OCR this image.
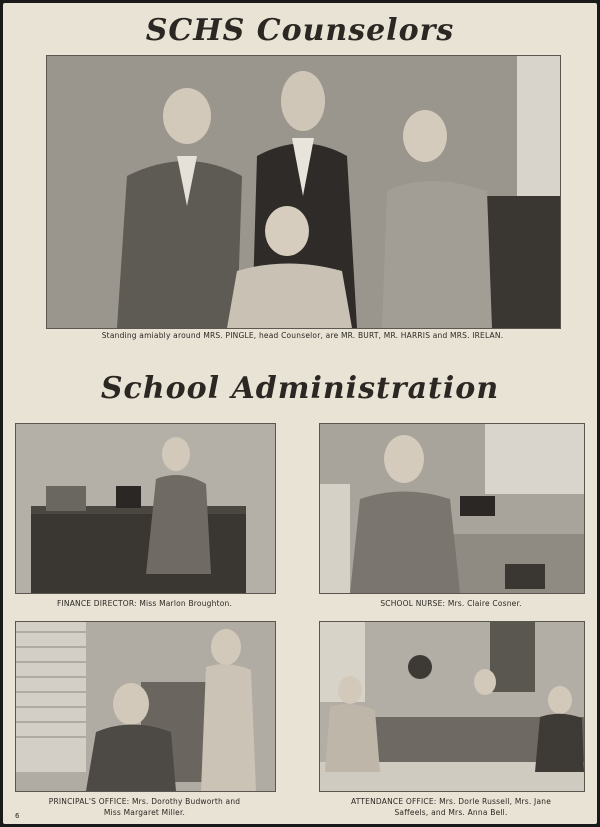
SCHS Counselors
Standing amiably around MRS. PINGLE, head Counselor, are MR. BURT, MR. HARRIS and MRS. IRELAN.
School Administration
FINANCE DIRECTOR: Miss Marlon Broughton.	SCHOOL NURSE: Mrs. Claire Cosner.
PRINCIPAL'S OFFICE: Mrs. Dorothy Budworth and
Miss Margaret Miller.
ATTENDANCE OFFICE: Mrs. Dorle Russell, Mrs. Jane
Saffeels, and Mrs. Anna Bell.
6
